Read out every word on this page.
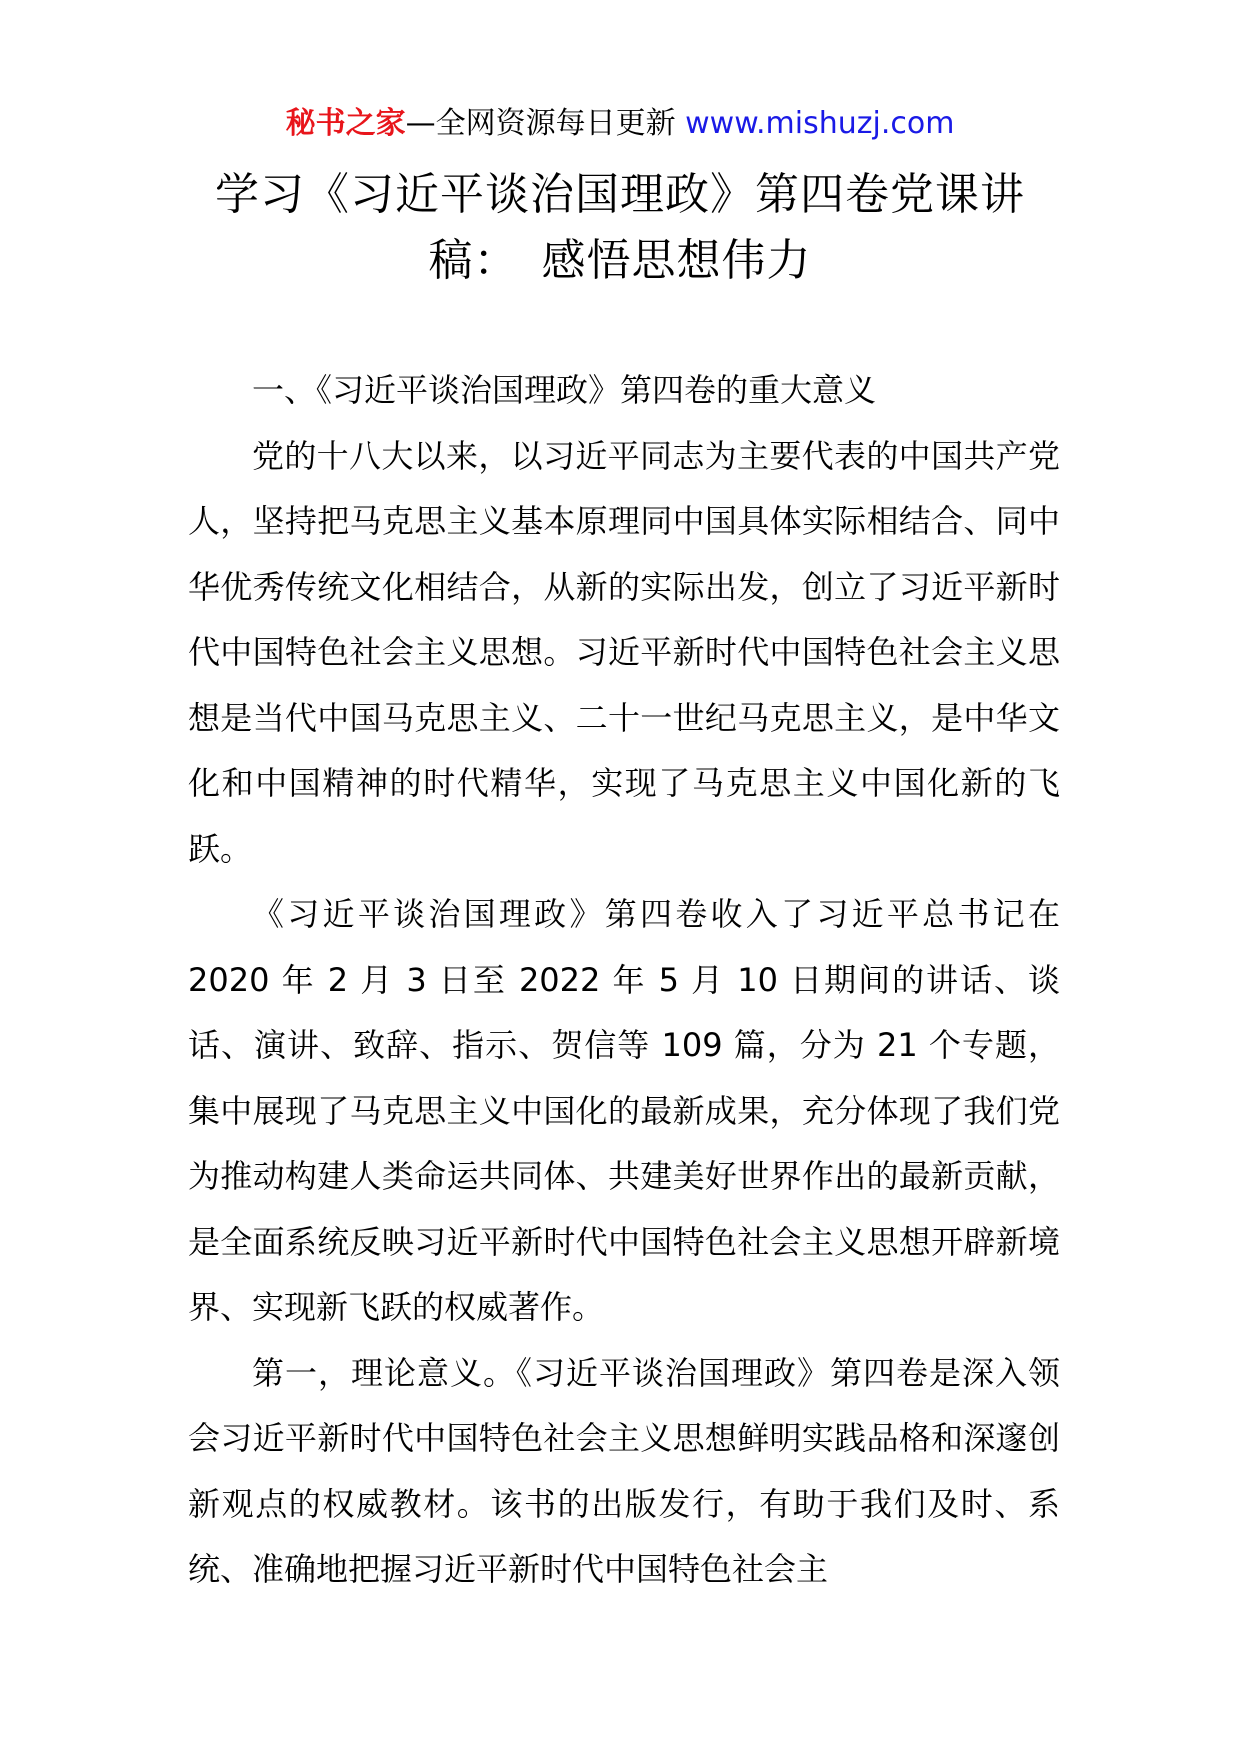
秘书之家—全网资源每日更新 www.mishuzj.com
学习《习近平谈治国理政》第四卷党课讲
稿：　感悟思想伟力

一、《习近平谈治国理政》第四卷的重大意义

党的十八大以来，以习近平同志为主要代表的中国共产党人，坚持把马克思主义基本原理同中国具体实际相结合、同中华优秀传统文化相结合，从新的实际出发，创立了习近平新时代中国特色社会主义思想。习近平新时代中国特色社会主义思想是当代中国马克思主义、二十一世纪马克思主义，是中华文化和中国精神的时代精华，实现了马克思主义中国化新的飞跃。

《习近平谈治国理政》第四卷收入了习近平总书记在2020 年 2 月 3 日至 2022 年 5 月 10 日期间的讲话、谈话、演讲、致辞、指示、贺信等 109 篇，分为 21 个专题，集中展现了马克思主义中国化的最新成果，充分体现了我们党为推动构建人类命运共同体、共建美好世界作出的最新贡献，是全面系统反映习近平新时代中国特色社会主义思想开辟新境界、实现新飞跃的权威著作。

第一，理论意义。《习近平谈治国理政》第四卷是深入领会习近平新时代中国特色社会主义思想鲜明实践品格和深邃创新观点的权威教材。该书的出版发行，有助于我们及时、系统、准确地把握习近平新时代中国特色社会主
